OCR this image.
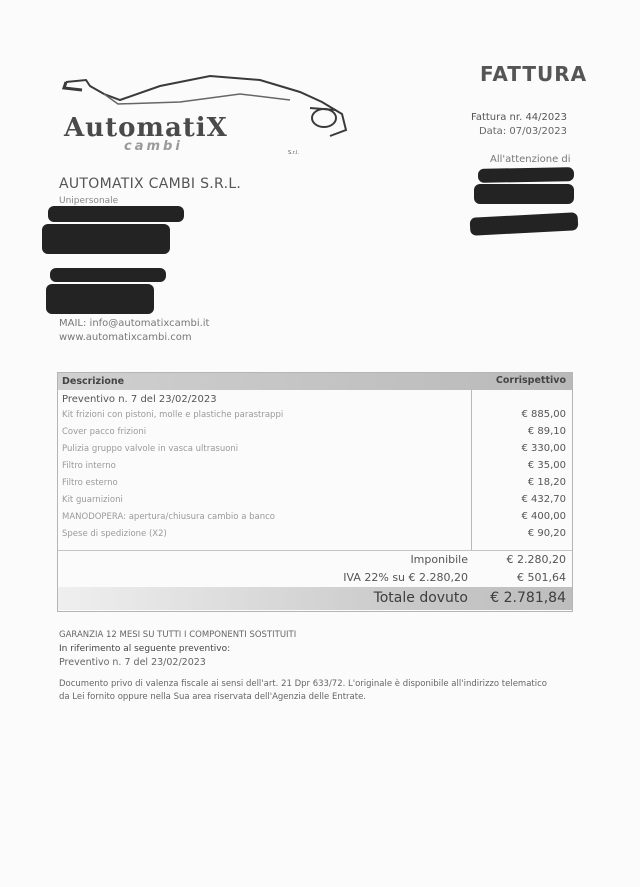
AutomatiX
cambi	S.r.l.
FATTURA
Fattura nr. 44/2023
Data: 07/03/2023
All'attenzione di
AUTOMATIX CAMBI S.R.L.
Unipersonale
MAIL: info@automatixcambi.it
www.automatixcambi.com
Descrizione	Corrispettivo
Preventivo n. 7 del 23/02/2023
Kit frizioni con pistoni, molle e plastiche parastrappi	€ 885,00
Cover pacco frizioni	€ 89,10
Pulizia gruppo valvole in vasca ultrasuoni	€ 330,00
Filtro interno	€ 35,00
Filtro esterno	€ 18,20
Kit guarnizioni	€ 432,70
MANODOPERA: apertura/chiusura cambio a banco	€ 400,00
Spese di spedizione (X2)	€ 90,20
Imponibile	€ 2.280,20
IVA 22% su € 2.280,20	€ 501,64
Totale dovuto € 2.781,84
GARANZIA 12 MESI SU TUTTI I COMPONENTI SOSTITUITI
In riferimento al seguente preventivo:
Preventivo n. 7 del 23/02/2023
Documento privo di valenza fiscale ai sensi dell'art. 21 Dpr 633/72. L'originale è disponibile all'indirizzo telematico
da Lei fornito oppure nella Sua area riservata dell'Agenzia delle Entrate.
